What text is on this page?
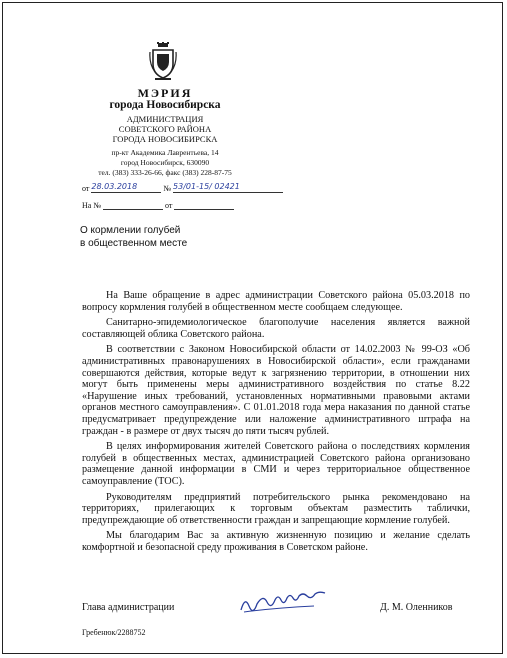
МЭРИЯ
города Новосибирска
АДМИНИСТРАЦИЯ
СОВЕТСКОГО РАЙОНА
ГОРОДА НОВОСИБИРСКА
пр-кт Академика Лаврентьева, 14
город Новосибирск, 630090
тел. (383) 333-26-66, факс (383) 228-87-75
от 28.03.2018	№ 53/01-15/ 02421
На №	от
О кормлении голубей
в общественном месте

На Ваше обращение в адрес администрации Советского района 05.03.2018 по вопросу кормления голубей в общественном месте сообщаем следующее.

Санитарно-эпидемиологическое благополучие населения является важной составляющей облика Советского района.

В соответствии с Законом Новосибирской области от 14.02.2003 № 99-ОЗ «Об административных правонарушениях в Новосибирской области», если гражданами совершаются действия, которые ведут к загрязнению территории, в отношении них могут быть применены меры административного воздействия по статье 8.22 «Нарушение иных требований, установленных нормативными правовыми актами органов местного самоуправления». С 01.01.2018 года мера наказания по данной статье предусматривает предупреждение или наложение административного штрафа на граждан - в размере от двух тысяч до пяти тысяч рублей.

В целях информирования жителей Советского района о последствиях кормления голубей в общественных местах, администрацией Советского района организовано размещение данной информации в СМИ и через территориальное общественное самоуправление (ТОС).

Руководителям предприятий потребительского рынка рекомендовано на территориях, прилегающих к торговым объектам разместить таблички, предупреждающие об ответственности граждан и запрещающие кормление голубей.

Мы благодарим Вас за активную жизненную позицию и желание сделать комфортной и безопасной среду проживания в Советском районе.

Глава администрации	Д. М. Оленников
Гребенюк/2288752
